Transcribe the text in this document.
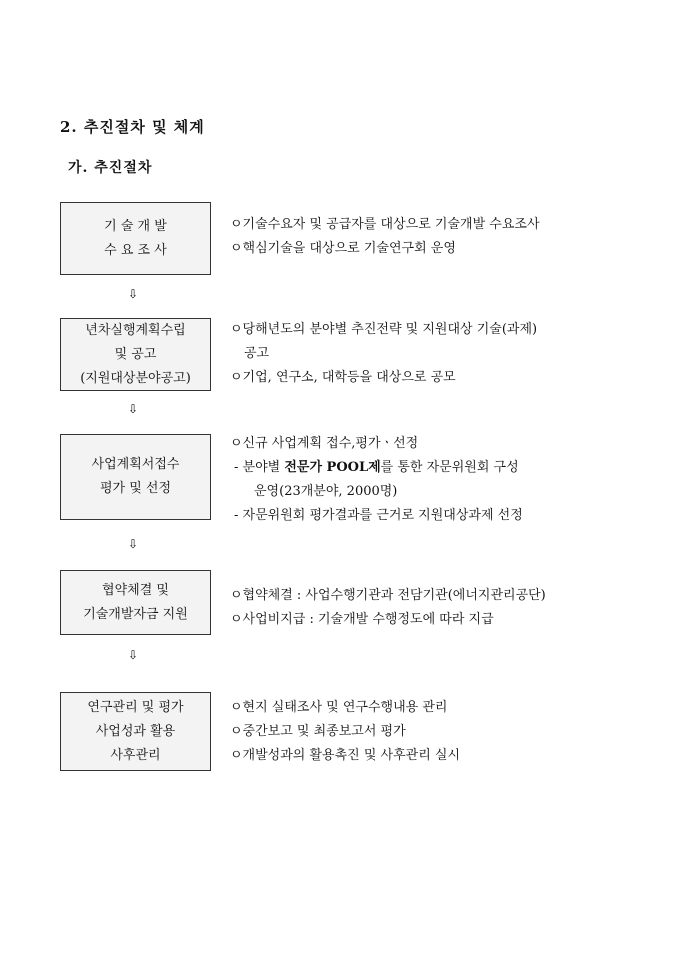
2. 추진절차 및 체계
가. 추진절차
기 술 개 발
수 요 조 사
ㅇ기술수요자 및 공급자를 대상으로 기술개발 수요조사
ㅇ핵심기술을 대상으로 기술연구회 운영
⇩
년차실행계획수립
및 공고
(지원대상분야공고)
ㅇ당해년도의 분야별 추진전략 및 지원대상 기술(과제)
공고
ㅇ기업, 연구소, 대학등을 대상으로 공모
⇩
사업계획서접수
평가 및 선정
ㅇ신규 사업계획 접수,평가ㆍ선정
- 분야별 전문가 POOL제를 통한 자문위원회 구성
운영(23개분야, 2000명)
- 자문위원회 평가결과를 근거로 지원대상과제 선정
⇩
협약체결 및
기술개발자금 지원
ㅇ협약체결 : 사업수행기관과 전담기관(에너지관리공단)
ㅇ사업비지급 : 기술개발 수행정도에 따라 지급
⇩
연구관리 및 평가
사업성과 활용
사후관리
ㅇ현지 실태조사 및 연구수행내용 관리
ㅇ중간보고 및 최종보고서 평가
ㅇ개발성과의 활용촉진 및 사후관리 실시
